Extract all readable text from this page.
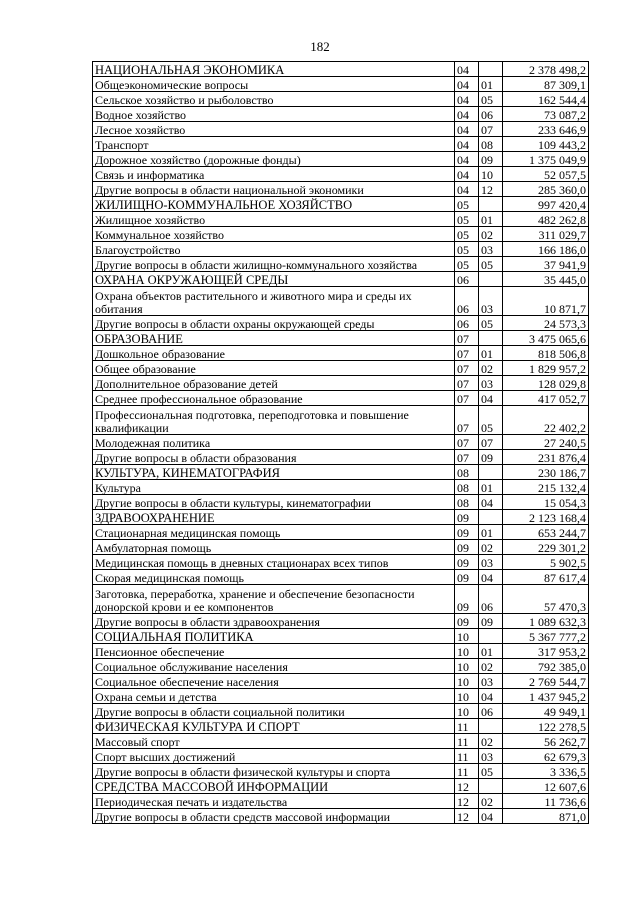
182
НАЦИОНАЛЬНАЯ ЭКОНОМИКА	04		2 378 498,2
Общеэкономические вопросы	04	01	87 309,1
Сельское хозяйство и рыболовство	04	05	162 544,4
Водное хозяйство	04	06	73 087,2
Лесное хозяйство	04	07	233 646,9
Транспорт	04	08	109 443,2
Дорожное хозяйство (дорожные фонды)	04	09	1 375 049,9
Связь и информатика	04	10	52 057,5
Другие вопросы в области национальной экономики	04	12	285 360,0
ЖИЛИЩНО-КОММУНАЛЬНОЕ ХОЗЯЙСТВО	05		997 420,4
Жилищное хозяйство	05	01	482 262,8
Коммунальное хозяйство	05	02	311 029,7
Благоустройство	05	03	166 186,0
Другие вопросы в области жилищно-коммунального хозяйства	05	05	37 941,9
ОХРАНА ОКРУЖАЮЩЕЙ СРЕДЫ	06		35 445,0
Охрана объектов растительного и животного мира и среды их обитания	06	03	10 871,7
Другие вопросы в области охраны окружающей среды	06	05	24 573,3
ОБРАЗОВАНИЕ	07		3 475 065,6
Дошкольное образование	07	01	818 506,8
Общее образование	07	02	1 829 957,2
Дополнительное образование детей	07	03	128 029,8
Среднее профессиональное образование	07	04	417 052,7
Профессиональная подготовка, переподготовка и повышение квалификации	07	05	22 402,2
Молодежная политика	07	07	27 240,5
Другие вопросы в области образования	07	09	231 876,4
КУЛЬТУРА, КИНЕМАТОГРАФИЯ	08		230 186,7
Культура	08	01	215 132,4
Другие вопросы в области культуры, кинематографии	08	04	15 054,3
ЗДРАВООХРАНЕНИЕ	09		2 123 168,4
Стационарная медицинская помощь	09	01	653 244,7
Амбулаторная помощь	09	02	229 301,2
Медицинская помощь в дневных стационарах всех типов	09	03	5 902,5
Скорая медицинская помощь	09	04	87 617,4
Заготовка, переработка, хранение и обеспечение безопасности донорской крови и ее компонентов	09	06	57 470,3
Другие вопросы в области здравоохранения	09	09	1 089 632,3
СОЦИАЛЬНАЯ ПОЛИТИКА	10		5 367 777,2
Пенсионное обеспечение	10	01	317 953,2
Социальное обслуживание населения	10	02	792 385,0
Социальное обеспечение населения	10	03	2 769 544,7
Охрана семьи и детства	10	04	1 437 945,2
Другие вопросы в области социальной политики	10	06	49 949,1
ФИЗИЧЕСКАЯ КУЛЬТУРА И СПОРТ	11		122 278,5
Массовый спорт	11	02	56 262,7
Спорт высших достижений	11	03	62 679,3
Другие вопросы в области физической культуры и спорта	11	05	3 336,5
СРЕДСТВА МАССОВОЙ ИНФОРМАЦИИ	12		12 607,6
Периодическая печать и издательства	12	02	11 736,6
Другие вопросы в области средств массовой информации	12	04	871,0
